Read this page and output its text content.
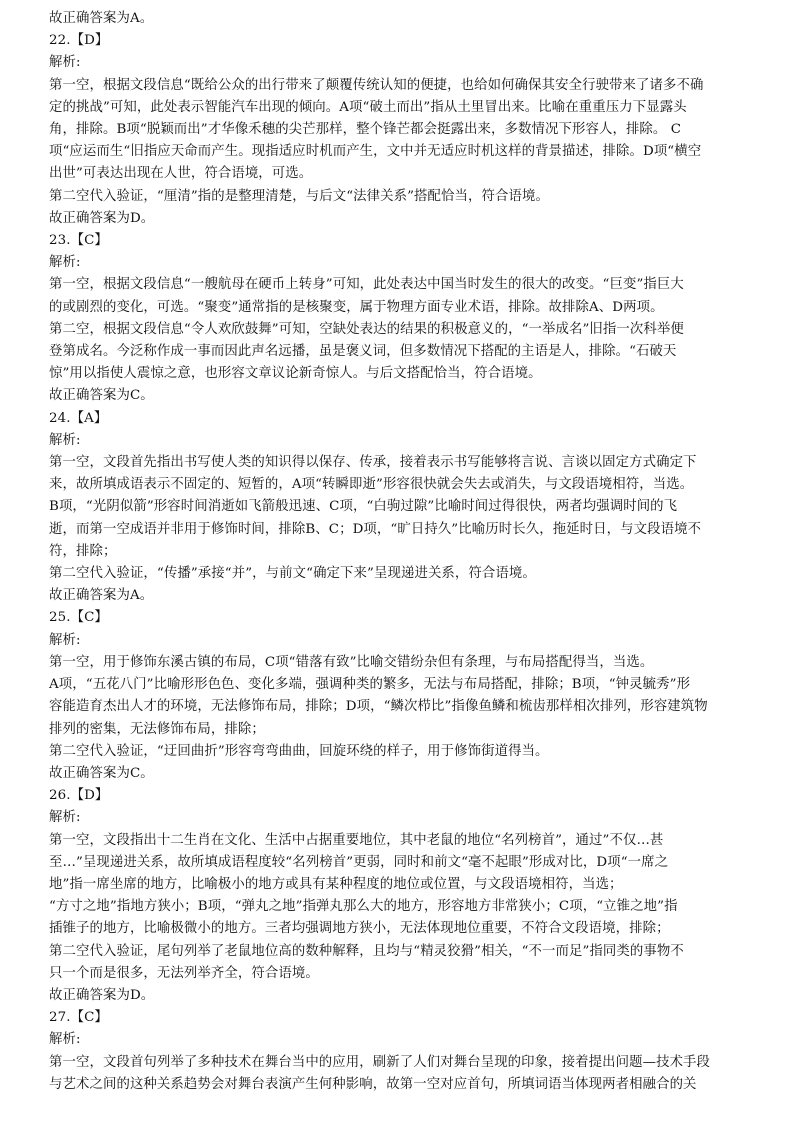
故正确答案为A。
22.【D】
解析:
第一空，根据文段信息“既给公众的出行带来了颠覆传统认知的便捷，也给如何确保其安全行驶带来了诸多不确
定的挑战”可知，此处表示智能汽车出现的倾向。A项“破土而出”指从土里冒出来。比喻在重重压力下显露头
角，排除。B项“脱颖而出”才华像禾穗的尖芒那样，整个锋芒都会挺露出来，多数情况下形容人，排除。 C
项“应运而生“旧指应天命而产生。现指适应时机而产生，文中并无适应时机这样的背景描述，排除。D项“横空
出世”可表达出现在人世，符合语境，可选。
第二空代入验证，“厘清”指的是整理清楚，与后文“法律关系”搭配恰当，符合语境。
故正确答案为D。
23.【C】
解析:
第一空，根据文段信息“一艘航母在硬币上转身”可知，此处表达中国当时发生的很大的改变。“巨变”指巨大
的或剧烈的变化，可选。“聚变”通常指的是核聚变，属于物理方面专业术语，排除。故排除A、D两项。
第二空，根据文段信息“令人欢欣鼓舞”可知，空缺处表达的结果的积极意义的，“一举成名”旧指一次科举便
登第成名。今泛称作成一事而因此声名远播，虽是褒义词，但多数情况下搭配的主语是人，排除。“石破天
惊”用以指使人震惊之意，也形容文章议论新奇惊人。与后文搭配恰当，符合语境。
故正确答案为C。
24.【A】
解析:
第一空，文段首先指出书写使人类的知识得以保存、传承，接着表示书写能够将言说、言谈以固定方式确定下
来，故所填成语表示不固定的、短暂的，A项“转瞬即逝”形容很快就会失去或消失，与文段语境相符，当选。
B项，“光阴似箭”形容时间消逝如飞箭般迅速、C项，“白驹过隙”比喻时间过得很快，两者均强调时间的飞
逝，而第一空成语并非用于修饰时间，排除B、C；D项，“旷日持久”比喻历时长久，拖延时日，与文段语境不
符，排除；
第二空代入验证，“传播”承接“并”，与前文“确定下来”呈现递进关系，符合语境。
故正确答案为A。
25.【C】
解析:
第一空，用于修饰东溪古镇的布局，C项“错落有致”比喻交错纷杂但有条理，与布局搭配得当，当选。
A项，“五花八门”比喻形形色色、变化多端，强调种类的繁多，无法与布局搭配，排除；B项，“钟灵毓秀”形
容能造育杰出人才的环境，无法修饰布局，排除；D项，“鳞次栉比”指像鱼鳞和梳齿那样相次排列，形容建筑物
排列的密集，无法修饰布局，排除；
第二空代入验证，“迂回曲折”形容弯弯曲曲，回旋环绕的样子，用于修饰街道得当。
故正确答案为C。
26.【D】
解析:
第一空，文段指出十二生肖在文化、生活中占据重要地位，其中老鼠的地位“名列榜首”，通过”不仅…甚
至…”呈现递进关系，故所填成语程度较“名列榜首”更弱，同时和前文“毫不起眼”形成对比，D项“一席之
地”指一席坐席的地方，比喻极小的地方或具有某种程度的地位或位置，与文段语境相符，当选；
“方寸之地”指地方狭小；B项，“弹丸之地”指弹丸那么大的地方，形容地方非常狭小；C项，“立锥之地”指
插锥子的地方，比喻极微小的地方。三者均强调地方狭小，无法体现地位重要，不符合文段语境，排除；
第二空代入验证，尾句列举了老鼠地位高的数种解释，且均与“精灵狡猾”相关，“不一而足”指同类的事物不
只一个而是很多，无法列举齐全，符合语境。
故正确答案为D。
27.【C】
解析:
第一空，文段首句列举了多种技术在舞台当中的应用，刷新了人们对舞台呈现的印象，接着提出问题—技术手段
与艺术之间的这种关系趋势会对舞台表演产生何种影响，故第一空对应首句，所填词语当体现两者相融合的关
